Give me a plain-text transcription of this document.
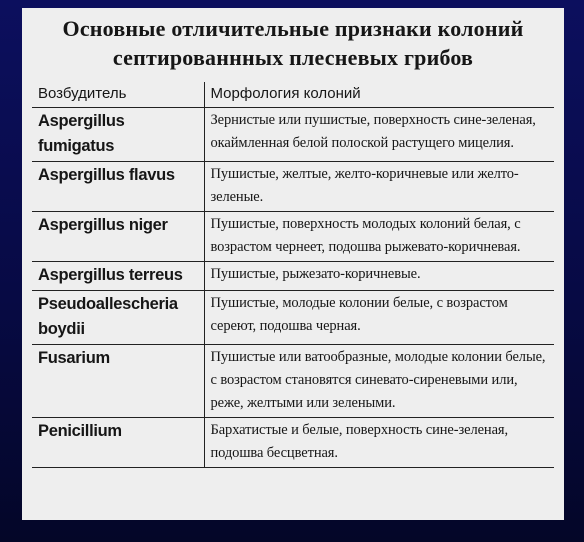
Основные отличительные признаки колоний
септированнных плесневых грибов
Возбудитель	Морфология колоний
Aspergillus fumigatus	Зернистые или пушистые, поверхность сине-зеленая, окаймленная белой полоской растущего мицелия.
Aspergillus flavus	Пушистые, желтые, желто-коричневые или желто-зеленые.
Aspergillus niger	Пушистые, поверхность молодых колоний белая, с возрастом чернеет, подошва рыжевато-коричневая.
Aspergillus terreus	Пушистые, рыжезато-коричневые.
Pseudoallescheria boydii	Пушистые, молодые колонии белые, с возрастом сереют, подошва черная.
Fusarium	Пушистые или ватообразные, молодые колонии белые, с возрастом становятся синевато-сиреневыми или, реже, желтыми или зелеными.
Penicillium	Бархатистые и белые, поверхность сине-зеленая, подошва бесцветная.
